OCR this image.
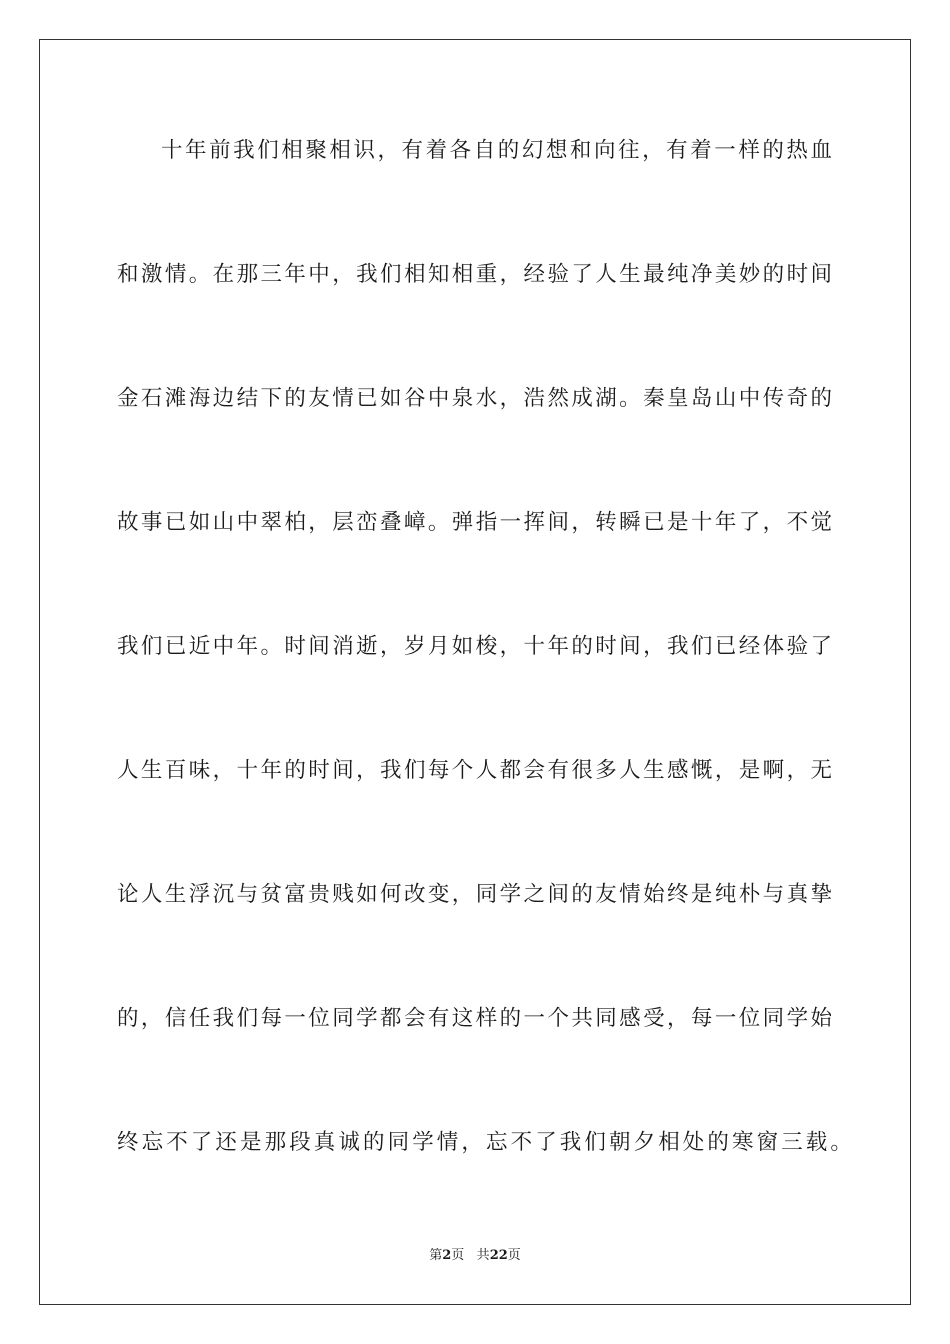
十年前我们相聚相识，有着各自的幻想和向往，有着一样的热血
和激情。在那三年中，我们相知相重，经验了人生最纯净美妙的时间
金石滩海边结下的友情已如谷中泉水，浩然成湖。秦皇岛山中传奇的
故事已如山中翠柏，层峦叠嶂。弹指一挥间，转瞬已是十年了，不觉
我们已近中年。时间消逝，岁月如梭，十年的时间，我们已经体验了
人生百味，十年的时间，我们每个人都会有很多人生感慨，是啊，无
论人生浮沉与贫富贵贱如何改变，同学之间的友情始终是纯朴与真挚
的，信任我们每一位同学都会有这样的一个共同感受，每一位同学始
终忘不了还是那段真诚的同学情，忘不了我们朝夕相处的寒窗三载。
第2页 共22页
